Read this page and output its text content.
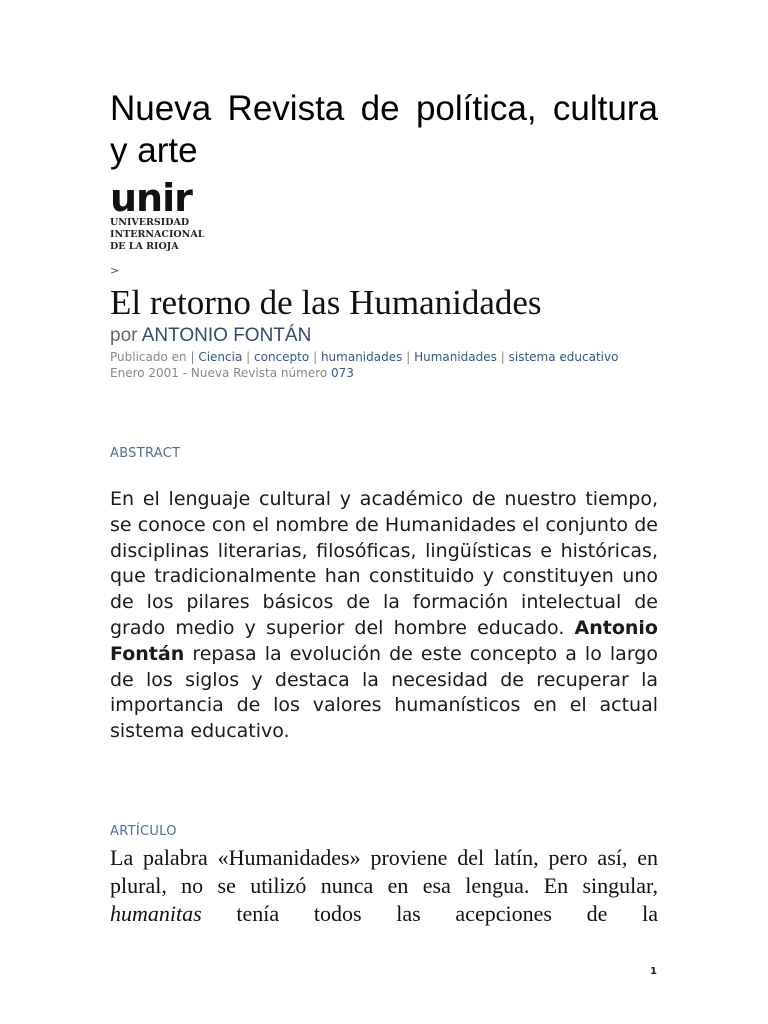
Nueva Revista de política, cultura y arte
unir
UNIVERSIDAD
INTERNACIONAL
DE LA RIOJA
>
El retorno de las Humanidades
por ANTONIO FONTÁN
Publicado en | Ciencia | concepto | humanidades | Humanidades | sistema educativo
Enero 2001 - Nueva Revista número 073
ABSTRACT

En el lenguaje cultural y académico de nuestro tiempo, se conoce con el nombre de Humanidades el conjunto de disciplinas literarias, filosóficas, lingüísticas e históricas, que tradicionalmente han constituido y constituyen uno de los pilares básicos de la formación intelectual de grado medio y superior del hombre educado. Antonio Fontán repasa la evolución de este concepto a lo largo de los siglos y destaca la necesidad de recuperar la importancia de los valores humanísticos en el actual sistema educativo.

ARTÍCULO

La palabra «Humanidades» proviene del latín, pero así, en plural, no se utilizó nunca en esa lengua. En singular, humanitas tenía todos las acepciones de la

1
